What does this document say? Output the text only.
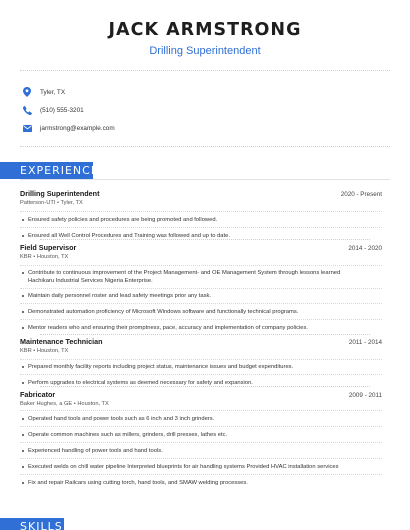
JACK ARMSTRONG
Drilling Superintendent
Tyler, TX
(510) 555-3201
jarmstrong@example.com
EXPERIENCE
Drilling Superintendent	2020 - Present
Patterson-UTI • Tyler, TX
Ensured safety policies and procedures are being promoted and followed.
Ensured all Well Control Procedures and Training was followed and up to date.
Field Supervisor	2014 - 2020
KBR • Houston, TX
Contribute to continuous improvement of the Project Management- and OE Management System through lessons learned
Hachikaru Industrial Services Nigeria Enterprise.
Maintain daily personnel roster and lead safety meetings prior any task.
Demonstrated automation proficiency of Microsoft Windows software and functionally technical programs.
Mentor readers who and ensuring their promptness, pace, accuracy and implementation of company policies.
Maintenance Technician	2011 - 2014
KBR • Houston, TX
Prepared monthly facility reports including project status, maintenance issues and budget expenditures.
Perform upgrades to electrical systems as deemed necessary for safety and expansion.
Fabricator	2009 - 2011
Baker Hughes, a GE • Houston, TX
Operated hand tools and power tools such as 6 inch and 3 inch grinders.
Operate common machines such as millers, grinders, drill presses, lathes etc.
Experienced handling of power tools and hand tools.
Executed welds on chill water pipeline Interpreted blueprints for air handling systems Provided HVAC installation services
Fix and repair Railcars using cutting torch, hand tools, and SMAW welding processes.
SKILLS
